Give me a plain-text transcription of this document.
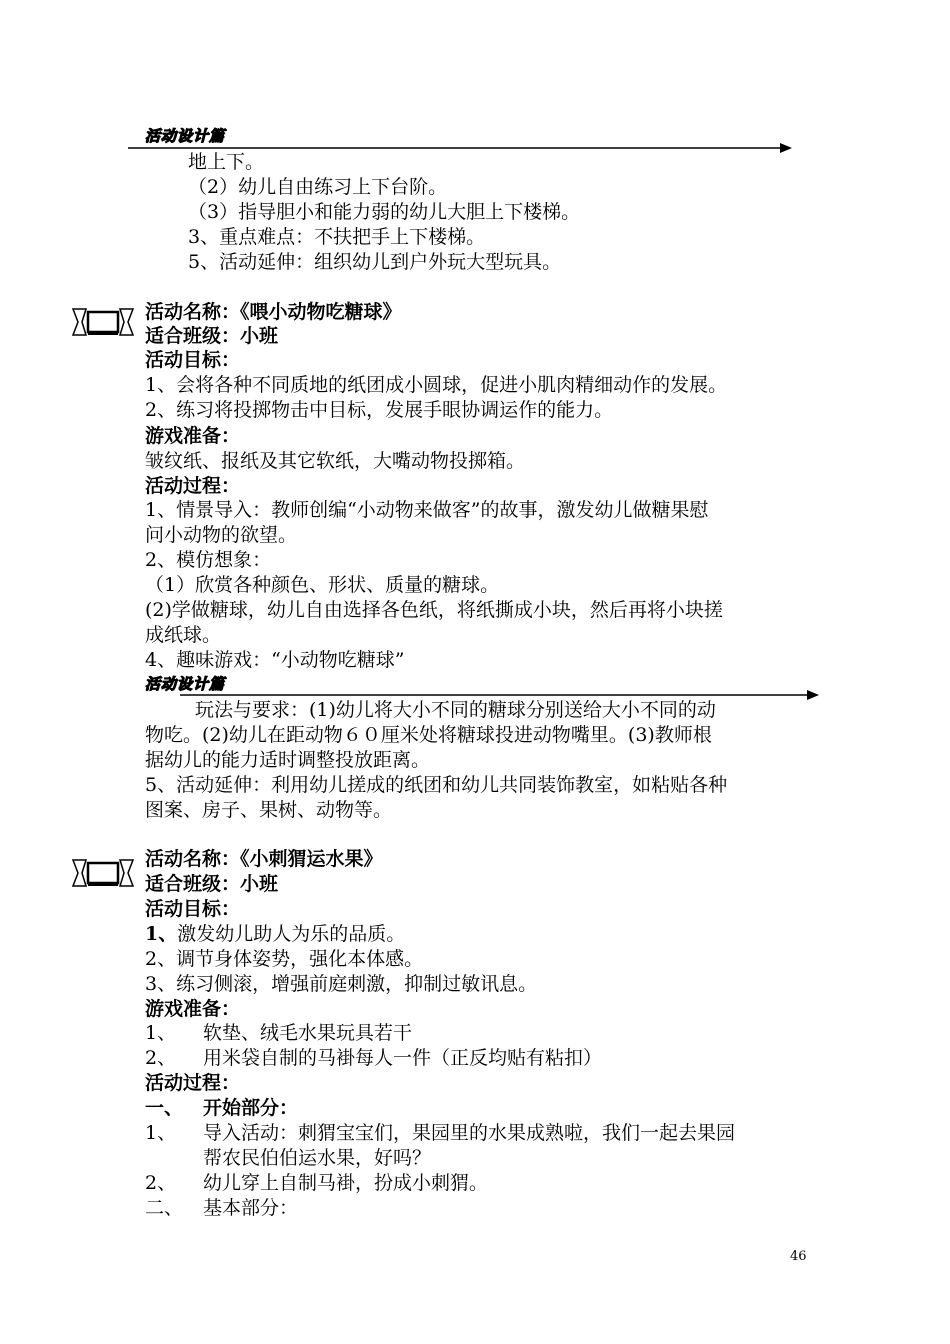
活动设计篇
地上下。
（2）幼儿自由练习上下台阶。
（3）指导胆小和能力弱的幼儿大胆上下楼梯。
3、重点难点：不扶把手上下楼梯。
5、活动延伸：组织幼儿到户外玩大型玩具。
活动名称：《喂小动物吃糖球》
适合班级：小班
活动目标：
1、会将各种不同质地的纸团成小圆球，促进小肌肉精细动作的发展。
2、练习将投掷物击中目标，发展手眼协调运作的能力。
游戏准备：
皱纹纸、报纸及其它软纸，大嘴动物投掷箱。
活动过程：
1、情景导入：教师创编“小动物来做客”的故事，激发幼儿做糖果慰
问小动物的欲望。
2、模仿想象：
（1）欣赏各种颜色、形状、质量的糖球。
(2)学做糖球，幼儿自由选择各色纸，将纸撕成小块，然后再将小块搓
成纸球。
4、趣味游戏：“小动物吃糖球”
活动设计篇
玩法与要求：(1)幼儿将大小不同的糖球分别送给大小不同的动
物吃。(2)幼儿在距动物６０厘米处将糖球投进动物嘴里。(3)教师根
据幼儿的能力适时调整投放距离。
5、活动延伸：利用幼儿搓成的纸团和幼儿共同装饰教室，如粘贴各种
图案、房子、果树、动物等。
活动名称：《小刺猬运水果》
适合班级：小班
活动目标：
1、激发幼儿助人为乐的品质。
2、调节身体姿势，强化本体感。
3、练习侧滚，增强前庭刺激，抑制过敏讯息。
游戏准备：
1、 软垫、绒毛水果玩具若干
2、 用米袋自制的马褂每人一件（正反均贴有粘扣）
活动过程：
一、 开始部分：
1、 导入活动：刺猬宝宝们，果园里的水果成熟啦，我们一起去果园
帮农民伯伯运水果，好吗？
2、 幼儿穿上自制马褂，扮成小刺猬。
二、 基本部分：
46
